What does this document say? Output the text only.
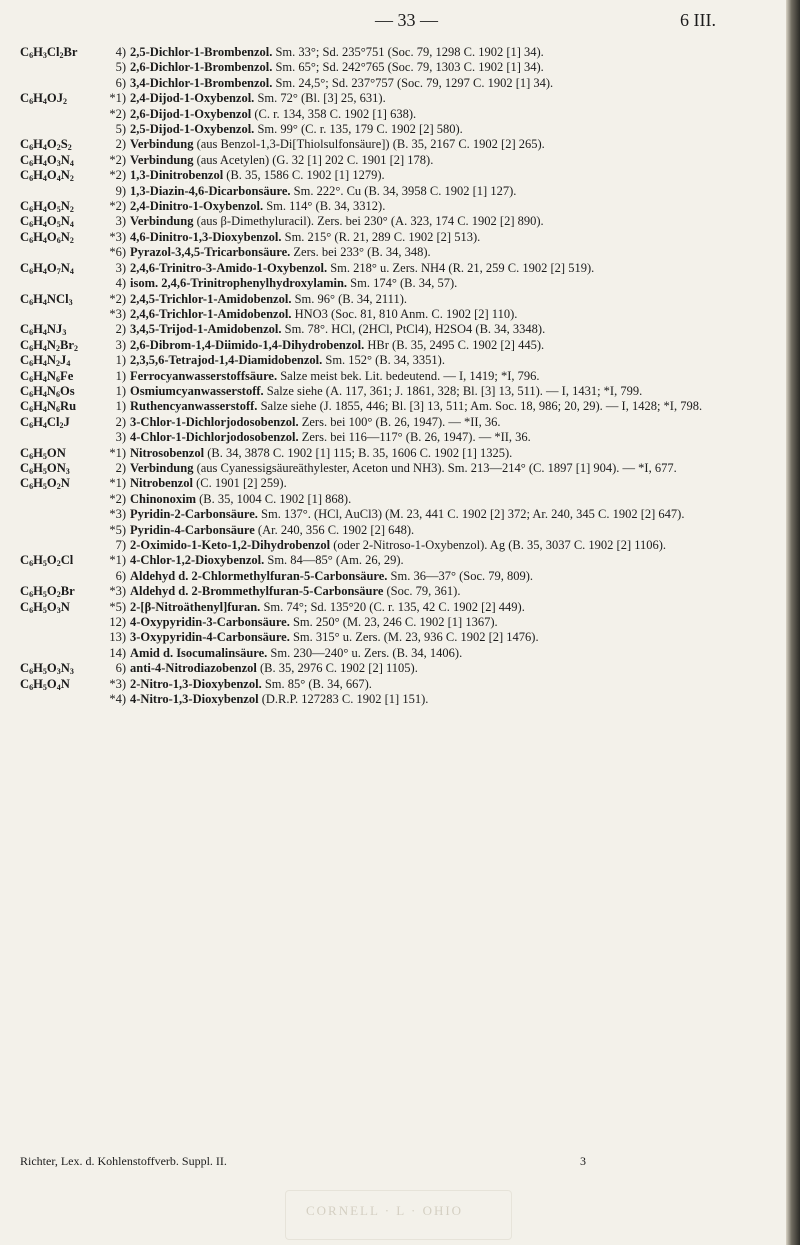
— 33 —	6 III.
$C_6H_3Cl_2Br$	4) 2,5-Dichlor-1-Brombenzol. Sm. 33°; Sd. 235°751 (Soc. 79, 1298 C. 1902 [1] 34).
5) 2,6-Dichlor-1-Brombenzol. Sm. 65°; Sd. 242°765 (Soc. 79, 1303 C. 1902 [1] 34).
6) 3,4-Dichlor-1-Brombenzol. Sm. 24,5°; Sd. 237°757 (Soc. 79, 1297 C. 1902 [1] 34).
$C_6H_4OJ_2$	*1) 2,4-Dijod-1-Oxybenzol. Sm. 72° (Bl. [3] 25, 631).
*2) 2,6-Dijod-1-Oxybenzol (C. r. 134, 358 C. 1902 [1] 638).
5) 2,5-Dijod-1-Oxybenzol. Sm. 99° (C. r. 135, 179 C. 1902 [2] 580).
$C_6H_4O_2S_2$	2) Verbindung (aus Benzol-1,3-Di[Thiolsulfonsäure]) (B. 35, 2167 C. 1902 [2] 265).
$C_6H_4O_3N_4$	*2) Verbindung (aus Acetylen) (G. 32 [1] 202 C. 1901 [2] 178).
$C_6H_4O_4N_2$	*2) 1,3-Dinitrobenzol (B. 35, 1586 C. 1902 [1] 1279).
9) 1,3-Diazin-4,6-Dicarbonsäure. Sm. 222°. Cu (B. 34, 3958 C. 1902 [1] 127).
$C_6H_4O_5N_2$	*2) 2,4-Dinitro-1-Oxybenzol. Sm. 114° (B. 34, 3312).
$C_6H_4O_5N_4$	3) Verbindung (aus β-Dimethyluracil). Zers. bei 230° (A. 323, 174 C. 1902 [2] 890).
$C_6H_4O_6N_2$	*3) 4,6-Dinitro-1,3-Dioxybenzol. Sm. 215° (R. 21, 289 C. 1902 [2] 513).
*6) Pyrazol-3,4,5-Tricarbonsäure. Zers. bei 233° (B. 34, 348).
$C_6H_4O_7N_4$	3) 2,4,6-Trinitro-3-Amido-1-Oxybenzol. Sm. 218° u. Zers. NH4 (R. 21, 259 C. 1902 [2] 519).
4) isom. 2,4,6-Trinitrophenylhydroxylamin. Sm. 174° (B. 34, 57).
$C_6H_4NCl_3$	*2) 2,4,5-Trichlor-1-Amidobenzol. Sm. 96° (B. 34, 2111).
*3) 2,4,6-Trichlor-1-Amidobenzol. HNO3 (Soc. 81, 810 Anm. C. 1902 [2] 110).
$C_6H_4NJ_3$	2) 3,4,5-Trijod-1-Amidobenzol. Sm. 78°. HCl, (2HCl, PtCl4), H2SO4 (B. 34, 3348).
$C_6H_4N_2Br_2$	3) 2,6-Dibrom-1,4-Diimido-1,4-Dihydrobenzol. HBr (B. 35, 2495 C. 1902 [2] 445).
$C_6H_4N_2J_4$	1) 2,3,5,6-Tetrajod-1,4-Diamidobenzol. Sm. 152° (B. 34, 3351).
$C_6H_4N_6Fe$	1) Ferrocyanwasserstoffsäure. Salze meist bek. Lit. bedeutend. — I, 1419; *I, 796.
$C_6H_4N_6Os$	1) Osmiumcyanwasserstoff. Salze siehe (A. 117, 361; J. 1861, 328; Bl. [3] 13, 511). — I, 1431; *I, 799.
$C_6H_4N_6Ru$	1) Ruthencyanwasserstoff. Salze siehe (J. 1855, 446; Bl. [3] 13, 511; Am. Soc. 18, 986; 20, 29). — I, 1428; *I, 798.
$C_6H_4Cl_2J$	2) 3-Chlor-1-Dichlorjodosobenzol. Zers. bei 100° (B. 26, 1947). — *II, 36.
3) 4-Chlor-1-Dichlorjodosobenzol. Zers. bei 116—117° (B. 26, 1947). — *II, 36.
$C_6H_5ON$	*1) Nitrosobenzol (B. 34, 3878 C. 1902 [1] 115; B. 35, 1606 C. 1902 [1] 1325).
$C_6H_5ON_3$	2) Verbindung (aus Cyanessigsäureäthylester, Aceton und NH3). Sm. 213—214° (C. 1897 [1] 904). — *I, 677.
$C_6H_5O_2N$	*1) Nitrobenzol (C. 1901 [2] 259).
*2) Chinonoxim (B. 35, 1004 C. 1902 [1] 868).
*3) Pyridin-2-Carbonsäure. Sm. 137°. (HCl, AuCl3) (M. 23, 441 C. 1902 [2] 372; Ar. 240, 345 C. 1902 [2] 647).
*5) Pyridin-4-Carbonsäure (Ar. 240, 356 C. 1902 [2] 648).
7) 2-Oximido-1-Keto-1,2-Dihydrobenzol (oder 2-Nitroso-1-Oxybenzol). Ag (B. 35, 3037 C. 1902 [2] 1106).
$C_6H_5O_2Cl$	*1) 4-Chlor-1,2-Dioxybenzol. Sm. 84—85° (Am. 26, 29).
6) Aldehyd d. 2-Chlormethylfuran-5-Carbonsäure. Sm. 36—37° (Soc. 79, 809).
$C_6H_5O_2Br$	*3) Aldehyd d. 2-Brommethylfuran-5-Carbonsäure (Soc. 79, 361).
$C_6H_5O_3N$	*5) 2-[β-Nitroäthenyl]furan. Sm. 74°; Sd. 135°20 (C. r. 135, 42 C. 1902 [2] 449).
12) 4-Oxypyridin-3-Carbonsäure. Sm. 250° (M. 23, 246 C. 1902 [1] 1367).
13) 3-Oxypyridin-4-Carbonsäure. Sm. 315° u. Zers. (M. 23, 936 C. 1902 [2] 1476).
14) Amid d. Isocumalinsäure. Sm. 230—240° u. Zers. (B. 34, 1406).
$C_6H_5O_3N_3$	6) anti-4-Nitrodiazobenzol (B. 35, 2976 C. 1902 [2] 1105).
$C_6H_5O_4N$	*3) 2-Nitro-1,3-Dioxybenzol. Sm. 85° (B. 34, 667).
*4) 4-Nitro-1,3-Dioxybenzol (D.R.P. 127283 C. 1902 [1] 151).
Richter, Lex. d. Kohlenstoffverb. Suppl. II.	3
CORNELL · L · OHIO
